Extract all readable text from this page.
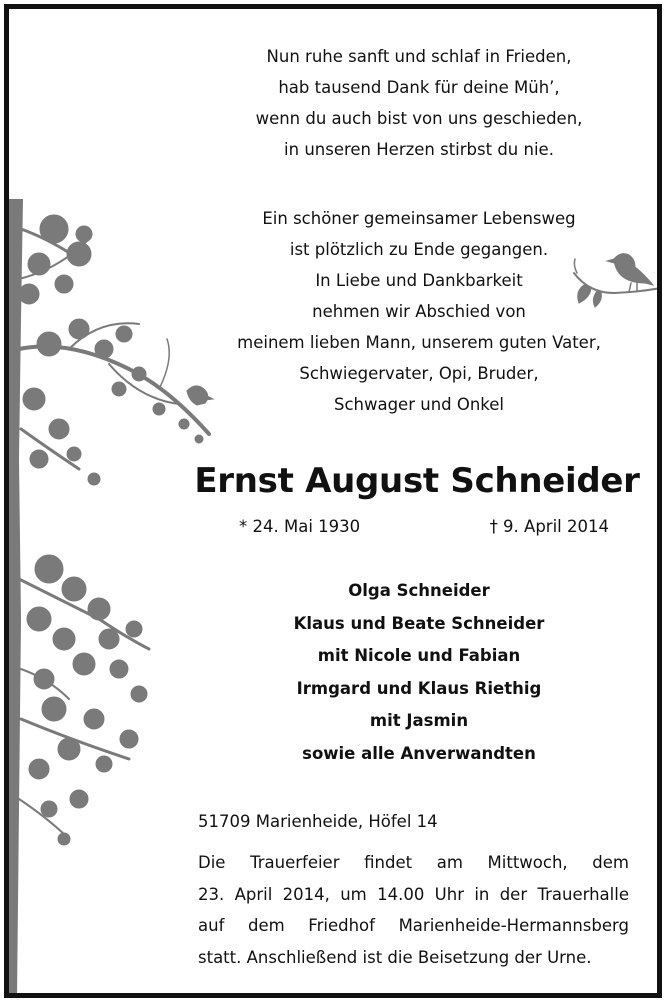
Nun ruhe sanft und schlaf in Frieden,
hab tausend Dank für deine Müh’,
wenn du auch bist von uns geschieden,
in unseren Herzen stirbst du nie.
Ein schöner gemeinsamer Lebensweg
ist plötzlich zu Ende gegangen.
In Liebe und Dankbarkeit
nehmen wir Abschied von
meinem lieben Mann, unserem guten Vater,
Schwiegervater, Opi, Bruder,
Schwager und Onkel
Ernst August Schneider
* 24. Mai 1930	† 9. April 2014
Olga Schneider
Klaus und Beate Schneider
mit Nicole und Fabian
Irmgard und Klaus Riethig
mit Jasmin
sowie alle Anverwandten
51709 Marienheide, Höfel 14
Die Trauerfeier findet am Mittwoch, dem
23. April 2014, um 14.00 Uhr in der Trauerhalle
auf dem Friedhof Marienheide-Hermannsberg
statt. Anschließend ist die Beisetzung der Urne.
